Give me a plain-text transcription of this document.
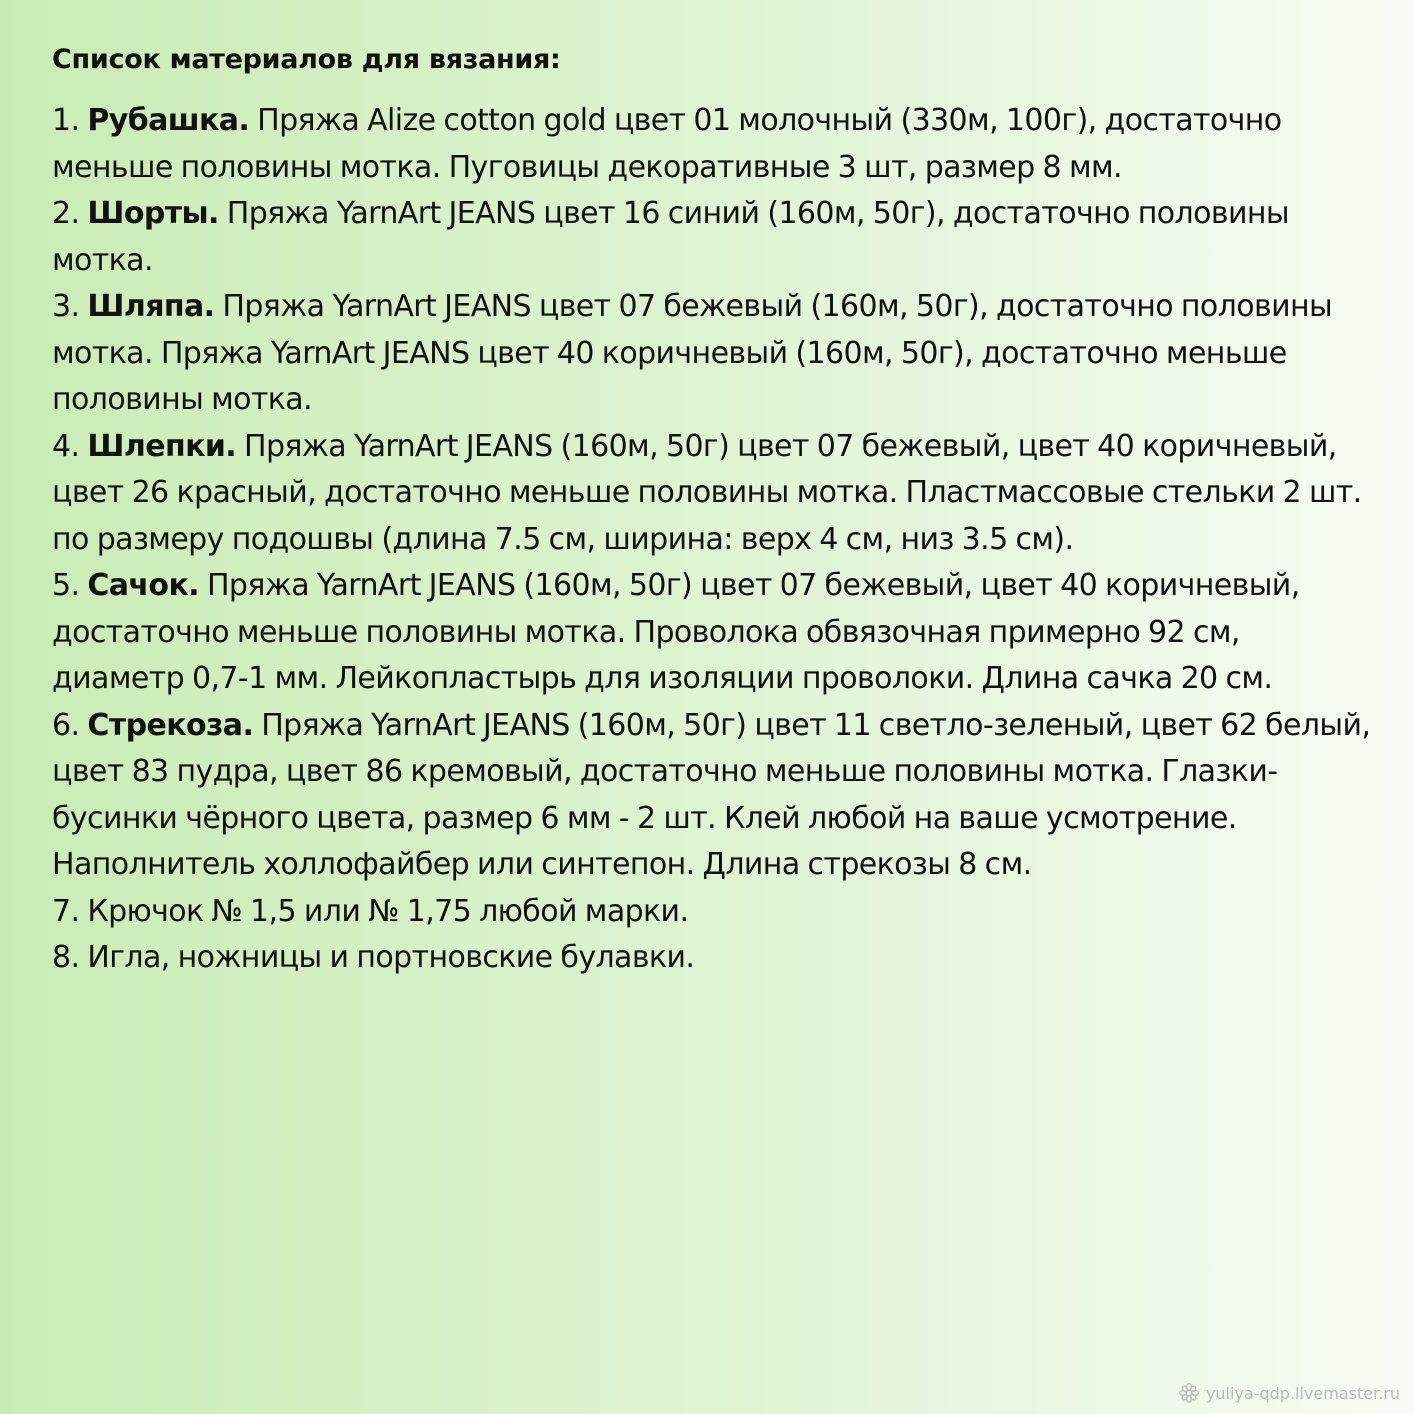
Список материалов для вязания:
1. Рубашка. Пряжа Alize cotton gold цвет 01 молочный (330м, 100г), достаточно меньше половины мотка. Пуговицы декоративные 3 шт, размер 8 мм.
2. Шорты. Пряжа YarnArt JEANS цвет 16 синий (160м, 50г), достаточно половины мотка.
3. Шляпа. Пряжа YarnArt JEANS цвет 07 бежевый (160м, 50г), достаточно половины мотка. Пряжа YarnArt JEANS цвет 40 коричневый (160м, 50г), достаточно меньше половины мотка.
4. Шлепки. Пряжа YarnArt JEANS (160м, 50г) цвет 07 бежевый, цвет 40 коричневый, цвет 26 красный, достаточно меньше половины мотка. Пластмассовые стельки 2 шт. по размеру подошвы (длина 7.5 см, ширина: верх 4 см, низ 3.5 см).
5. Сачок. Пряжа YarnArt JEANS (160м, 50г) цвет 07 бежевый, цвет 40 коричневый, достаточно меньше половины мотка. Проволока обвязочная примерно 92 см, диаметр 0,7-1 мм. Лейкопластырь для изоляции проволоки. Длина сачка 20 см.
6. Стрекоза. Пряжа YarnArt JEANS (160м, 50г) цвет 11 светло-зеленый, цвет 62 белый, цвет 83 пудра, цвет 86 кремовый, достаточно меньше половины мотка. Глазки-бусинки чёрного цвета, размер 6 мм - 2 шт. Клей любой на ваше усмотрение. Наполнитель холлофайбер или синтепон. Длина стрекозы 8 см.
7. Крючок № 1,5 или № 1,75 любой марки.
8. Игла, ножницы и портновские булавки.
yuliya-qdp.livemaster.ru
